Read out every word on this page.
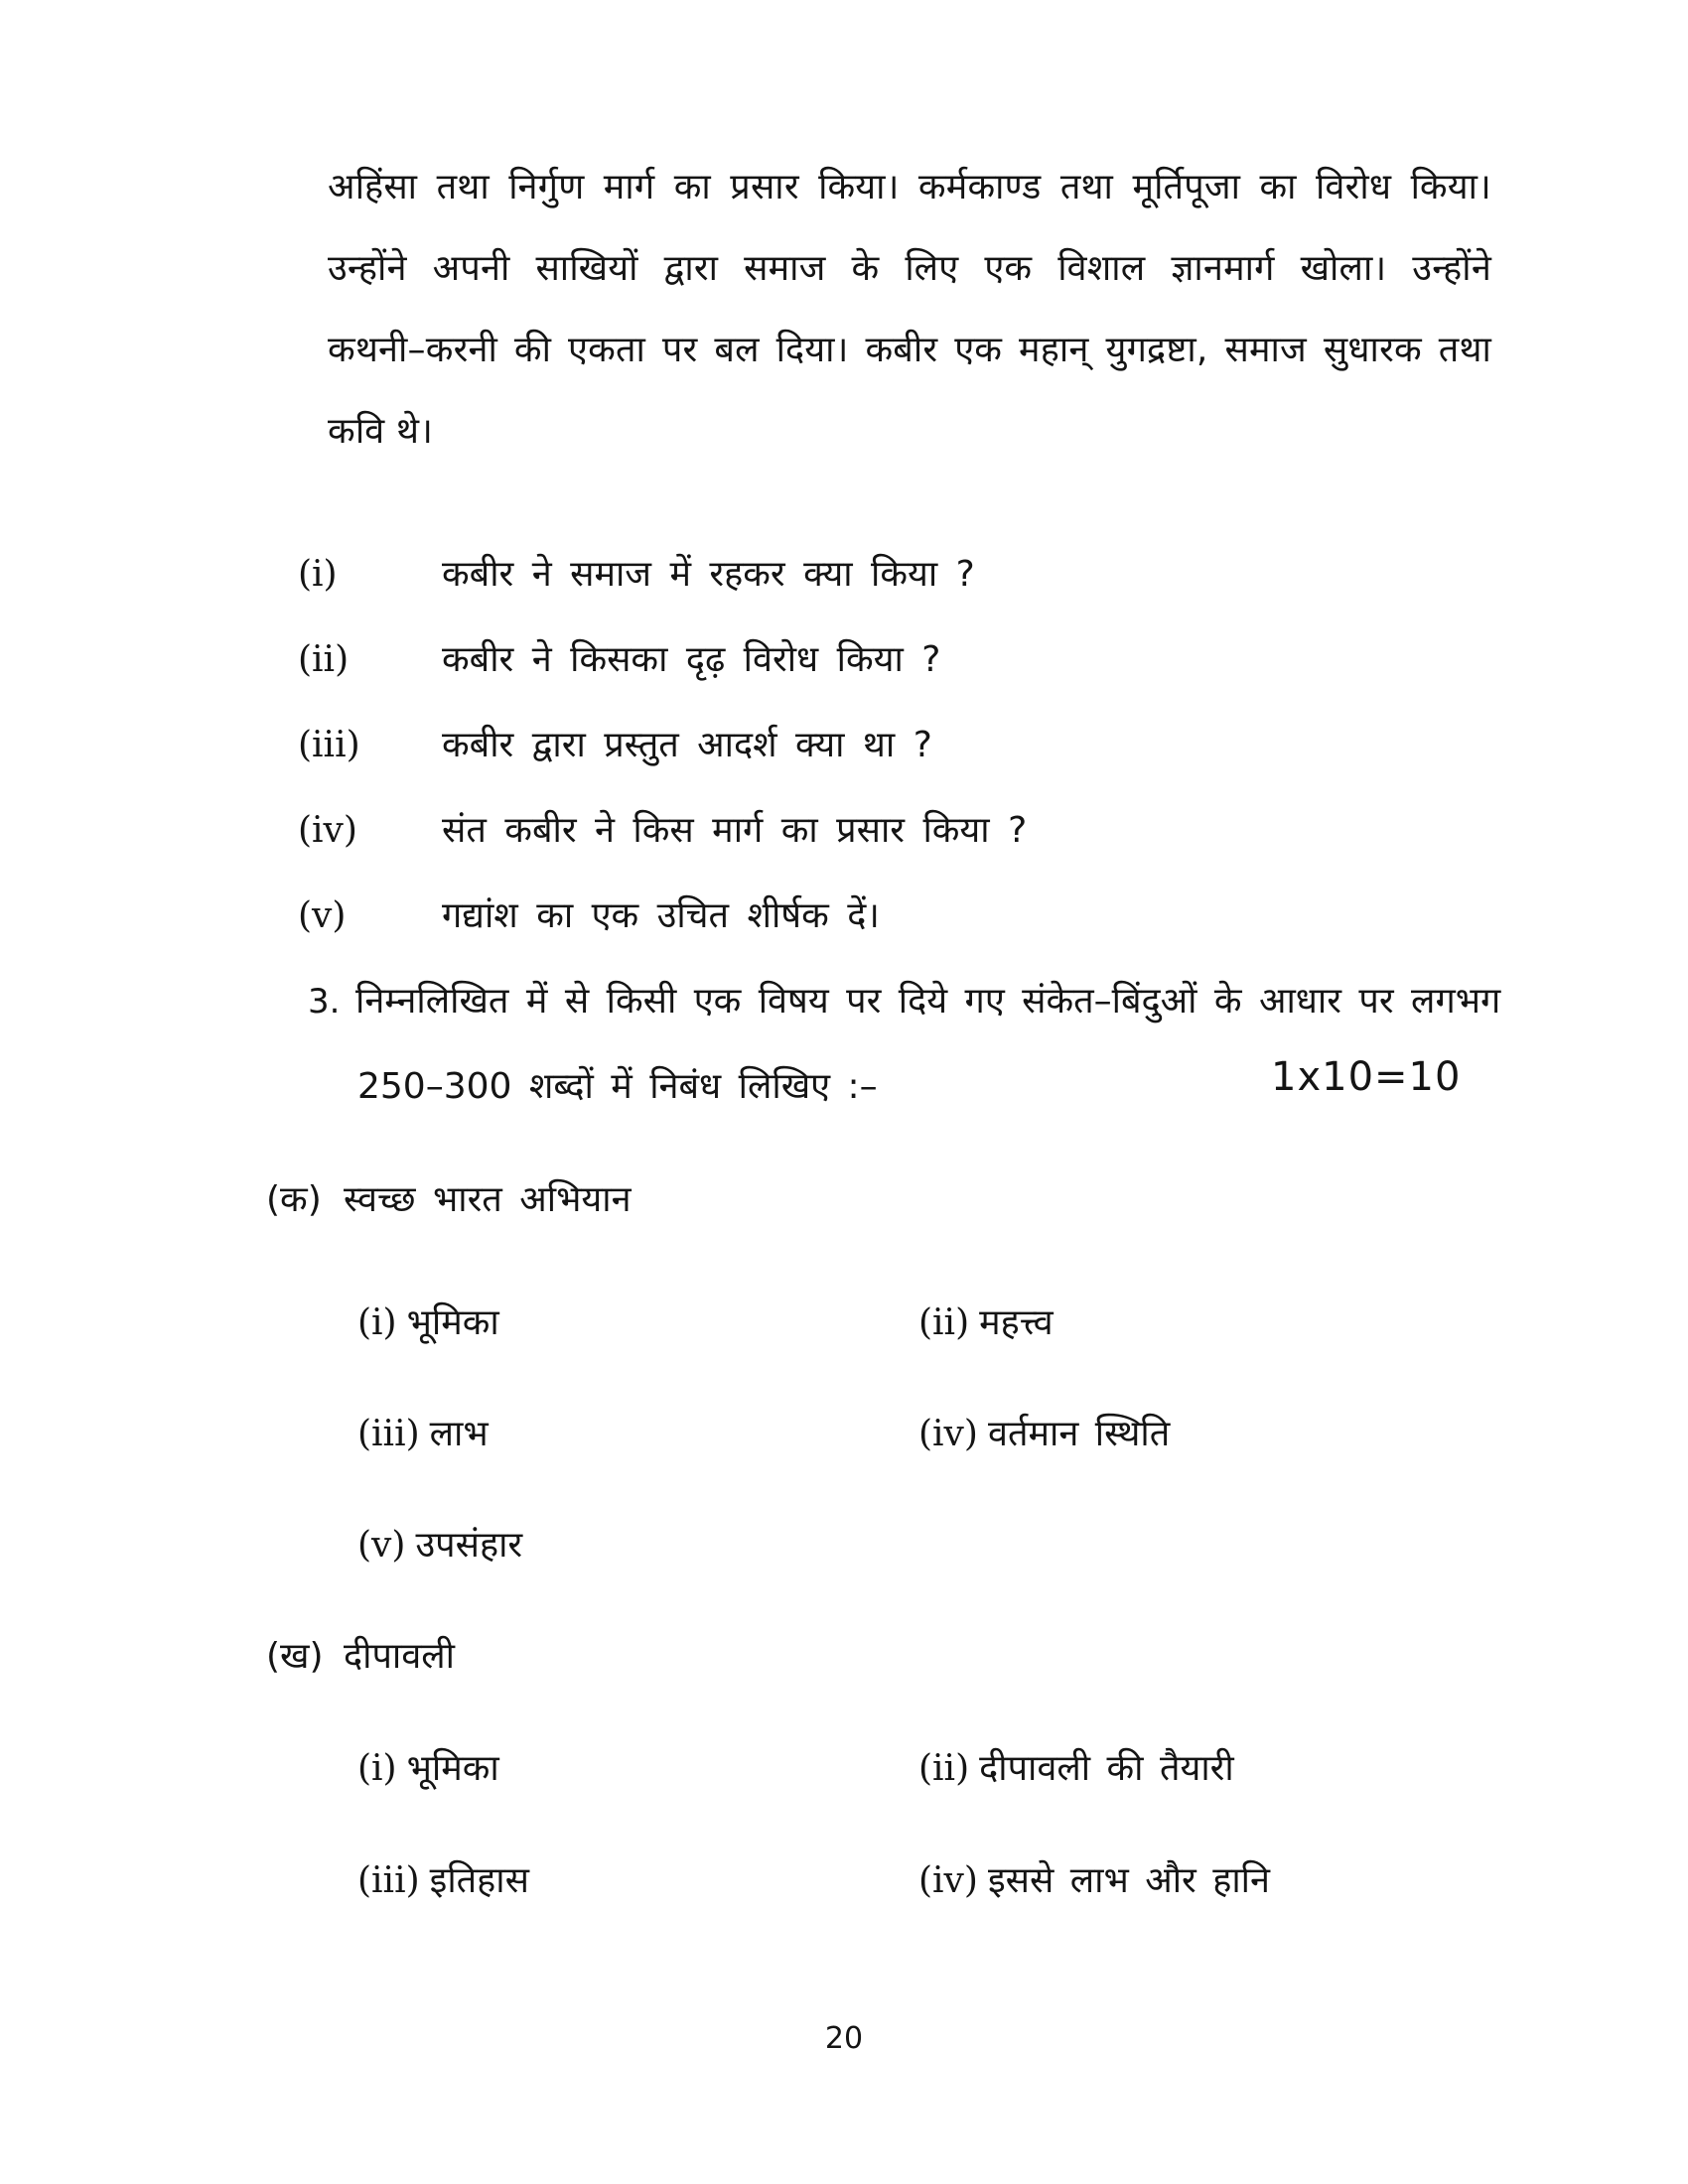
अहिंसा तथा निर्गुण मार्ग का प्रसार किया। कर्मकाण्ड तथा मूर्तिपूजा का विरोध किया।
उन्होंने अपनी साखियों द्वारा समाज के लिए एक विशाल ज्ञानमार्ग खोला। उन्होंने
कथनी–करनी की एकता पर बल दिया। कबीर एक महान् युगद्रष्टा, समाज सुधारक तथा
कवि थे।
(i)	कबीर ने समाज में रहकर क्या किया ?
(ii)	कबीर ने किसका दृढ़ विरोध किया ?
(iii) कबीर द्वारा प्रस्तुत आदर्श क्या था ?
(iv) संत कबीर ने किस मार्ग का प्रसार किया ?
(v)	गद्यांश का एक उचित शीर्षक दें।
3. निम्नलिखित में से किसी एक विषय पर दिये गए संकेत–बिंदुओं के आधार पर लगभग
250–300 शब्दों में निबंध लिखिए :–	1x10=10
(क) स्वच्छ भारत अभियान
(i) भूमिका	(ii) महत्त्व
(iii) लाभ	(iv) वर्तमान स्थिति
(v) उपसंहार
(ख) दीपावली
(i) भूमिका	(ii) दीपावली की तैयारी
(iii) इतिहास	(iv) इससे लाभ और हानि
20
